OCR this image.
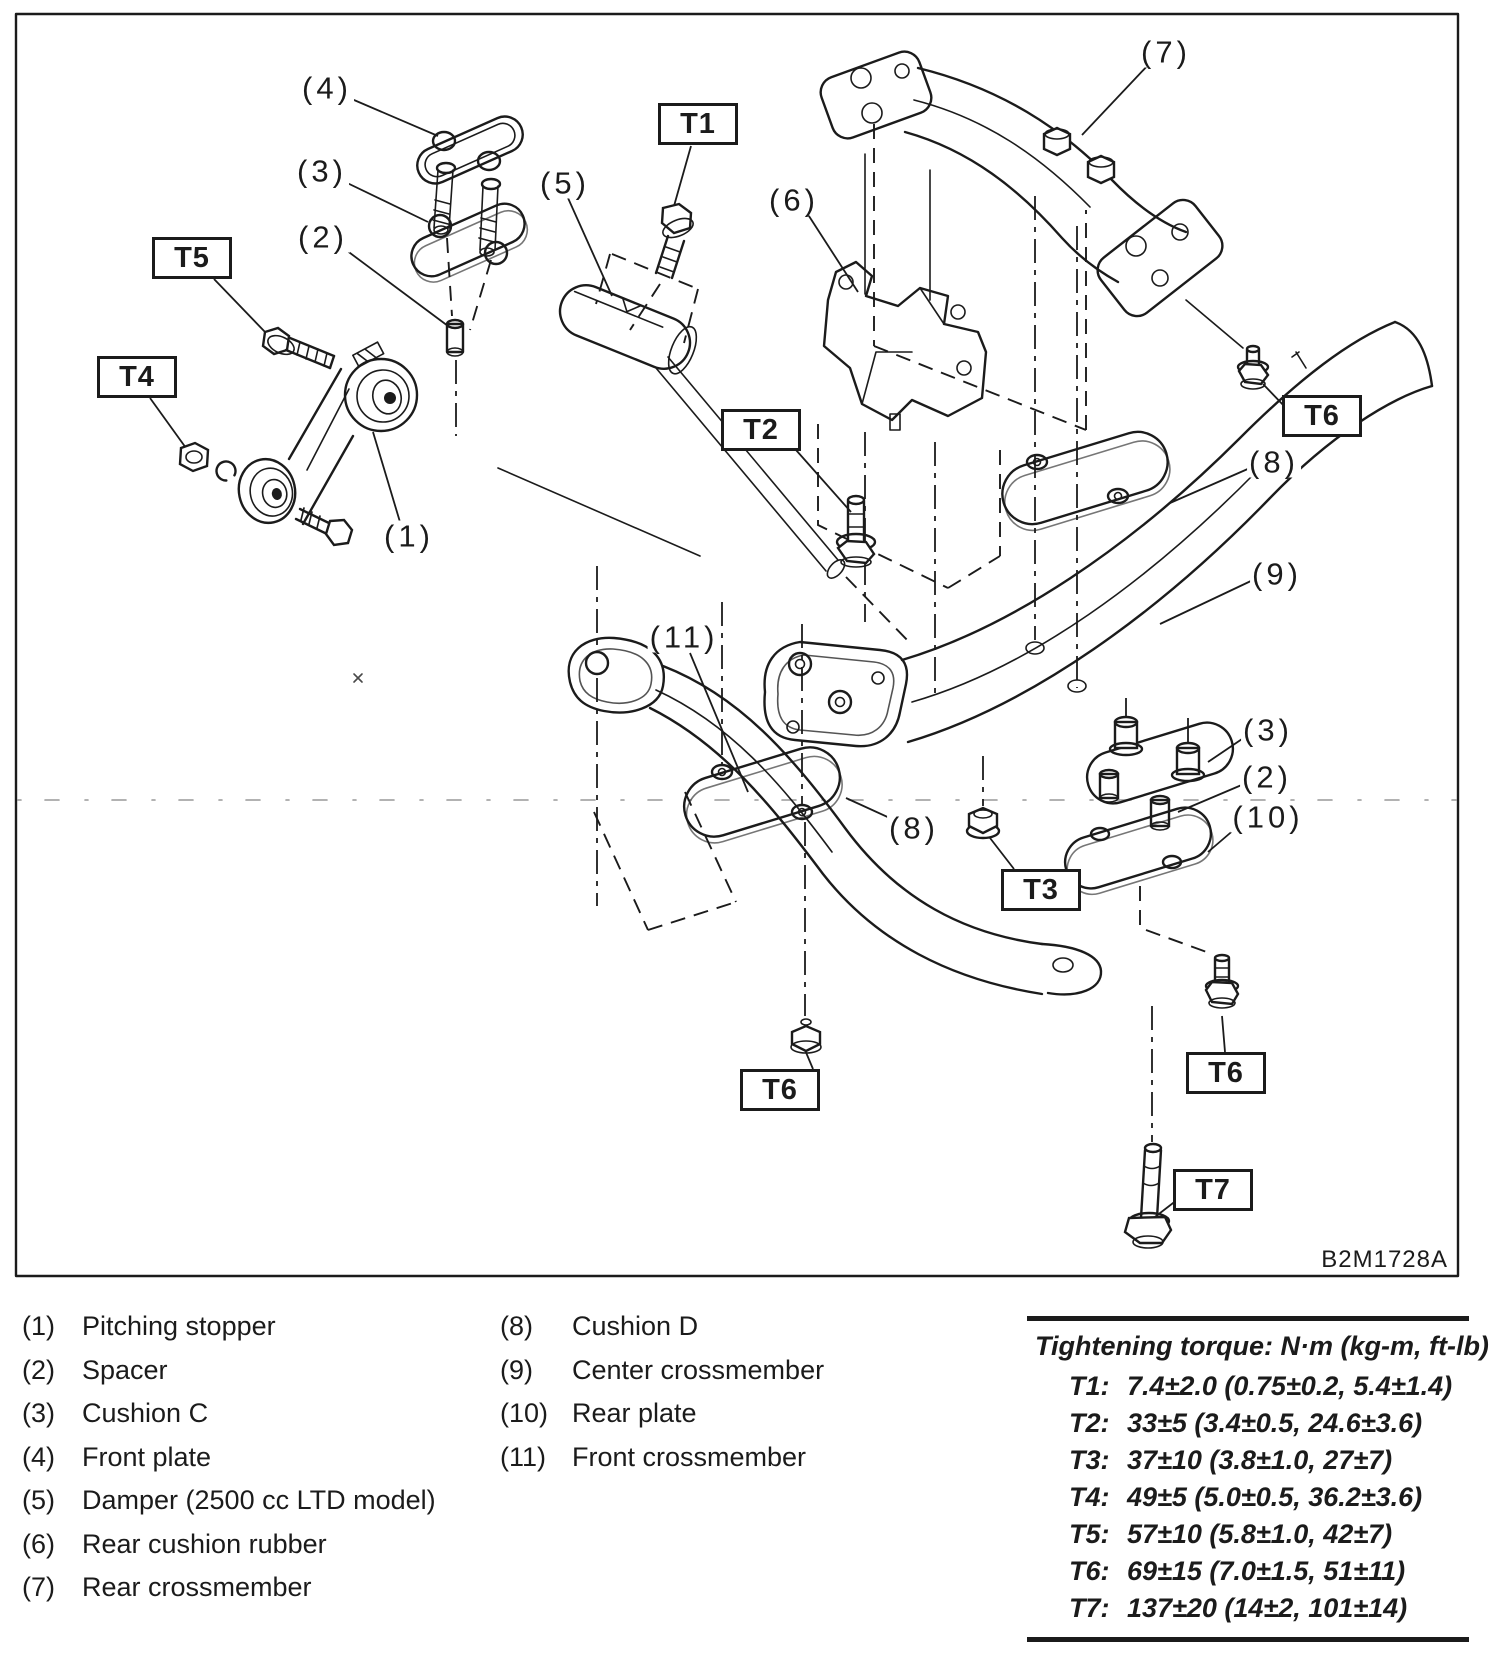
(4)
(3)
(2)
(1)
(5)	(6)
(7)
(8)
(9)
(11)
(3)
(2)
(10)
(8)
T5
T4
T1
T2	T6
T3
T6
T6
T7
B2M1728A
(1)	Pitching stopper
(2)	Spacer
(3)	Cushion C
(4)	Front plate
(5)	Damper (2500 cc LTD model)
(6)	Rear cushion rubber
(7)	Rear crossmember
(8)	Cushion D
(9)	Center crossmember
(10) Rear plate
(11) Front crossmember
Tightening torque: N·m (kg-m, ft-lb)
T1: 7.4±2.0 (0.75±0.2, 5.4±1.4)
T2: 33±5 (3.4±0.5, 24.6±3.6)
T3: 37±10 (3.8±1.0, 27±7)
T4: 49±5 (5.0±0.5, 36.2±3.6)
T5: 57±10 (5.8±1.0, 42±7)
T6: 69±15 (7.0±1.5, 51±11)
T7: 137±20 (14±2, 101±14)
